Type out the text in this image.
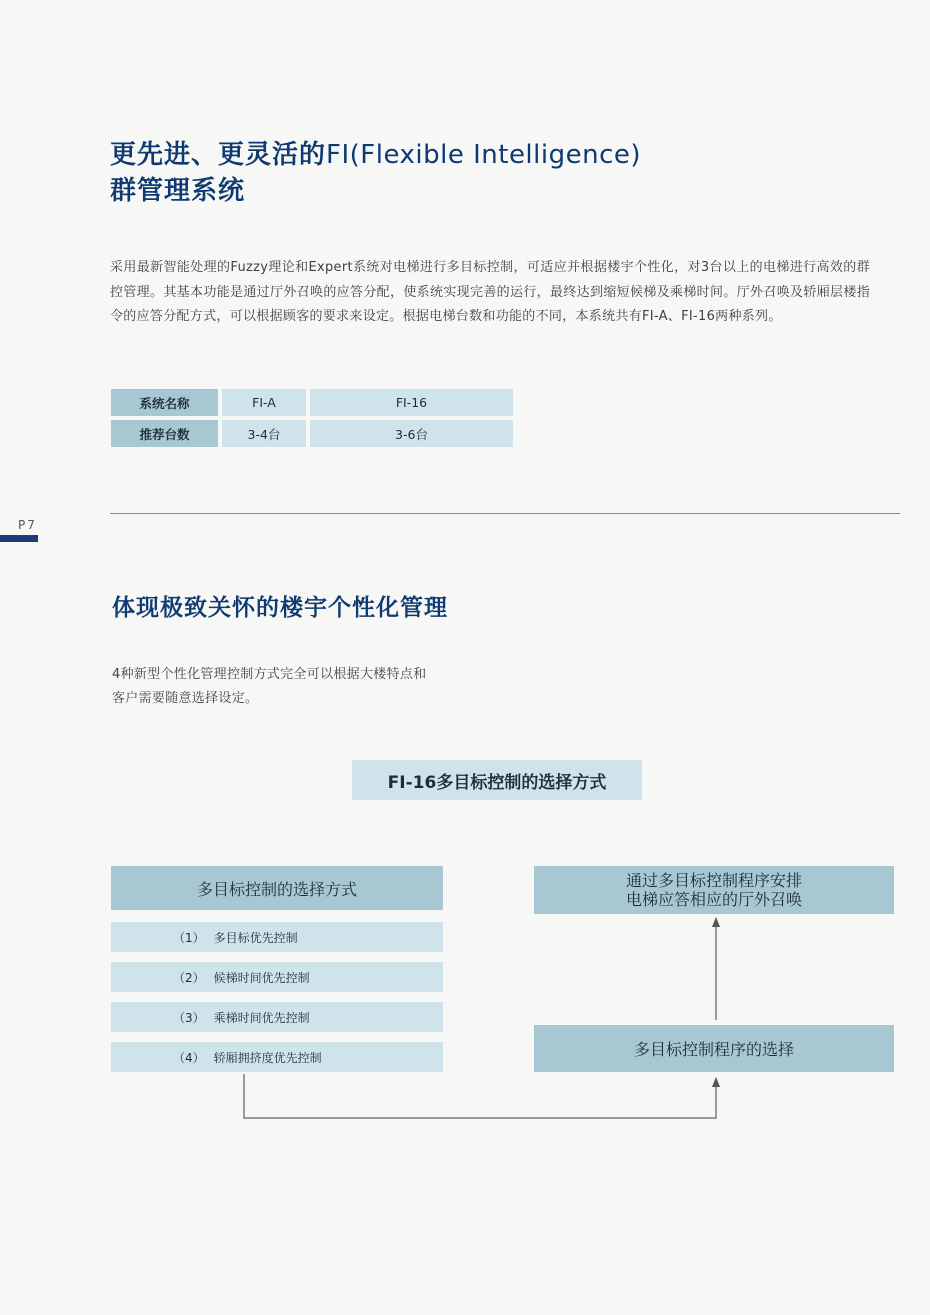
更先进、更灵活的FI(Flexible Intelligence)
群管理系统
采用最新智能处理的Fuzzy理论和Expert系统对电梯进行多目标控制，可适应并根据楼宇个性化，对3台以上的电梯进行高效的群控管理。其基本功能是通过厅外召唤的应答分配，使系统实现完善的运行，最终达到缩短候梯及乘梯时间。厅外召唤及轿厢层楼指令的应答分配方式，可以根据顾客的要求来设定。根据电梯台数和功能的不同，本系统共有FI-A、FI-16两种系列。
系统名称	FI-A	FI-16
推荐台数	3-4台	3-6台
P7
体现极致关怀的楼宇个性化管理
4种新型个性化管理控制方式完全可以根据大楼特点和
客户需要随意选择设定。
FI-16多目标控制的选择方式
多目标控制的选择方式
（1） 多目标优先控制
（2） 候梯时间优先控制
（3） 乘梯时间优先控制
（4） 轿厢拥挤度优先控制
通过多目标控制程序安排
电梯应答相应的厅外召唤
多目标控制程序的选择
